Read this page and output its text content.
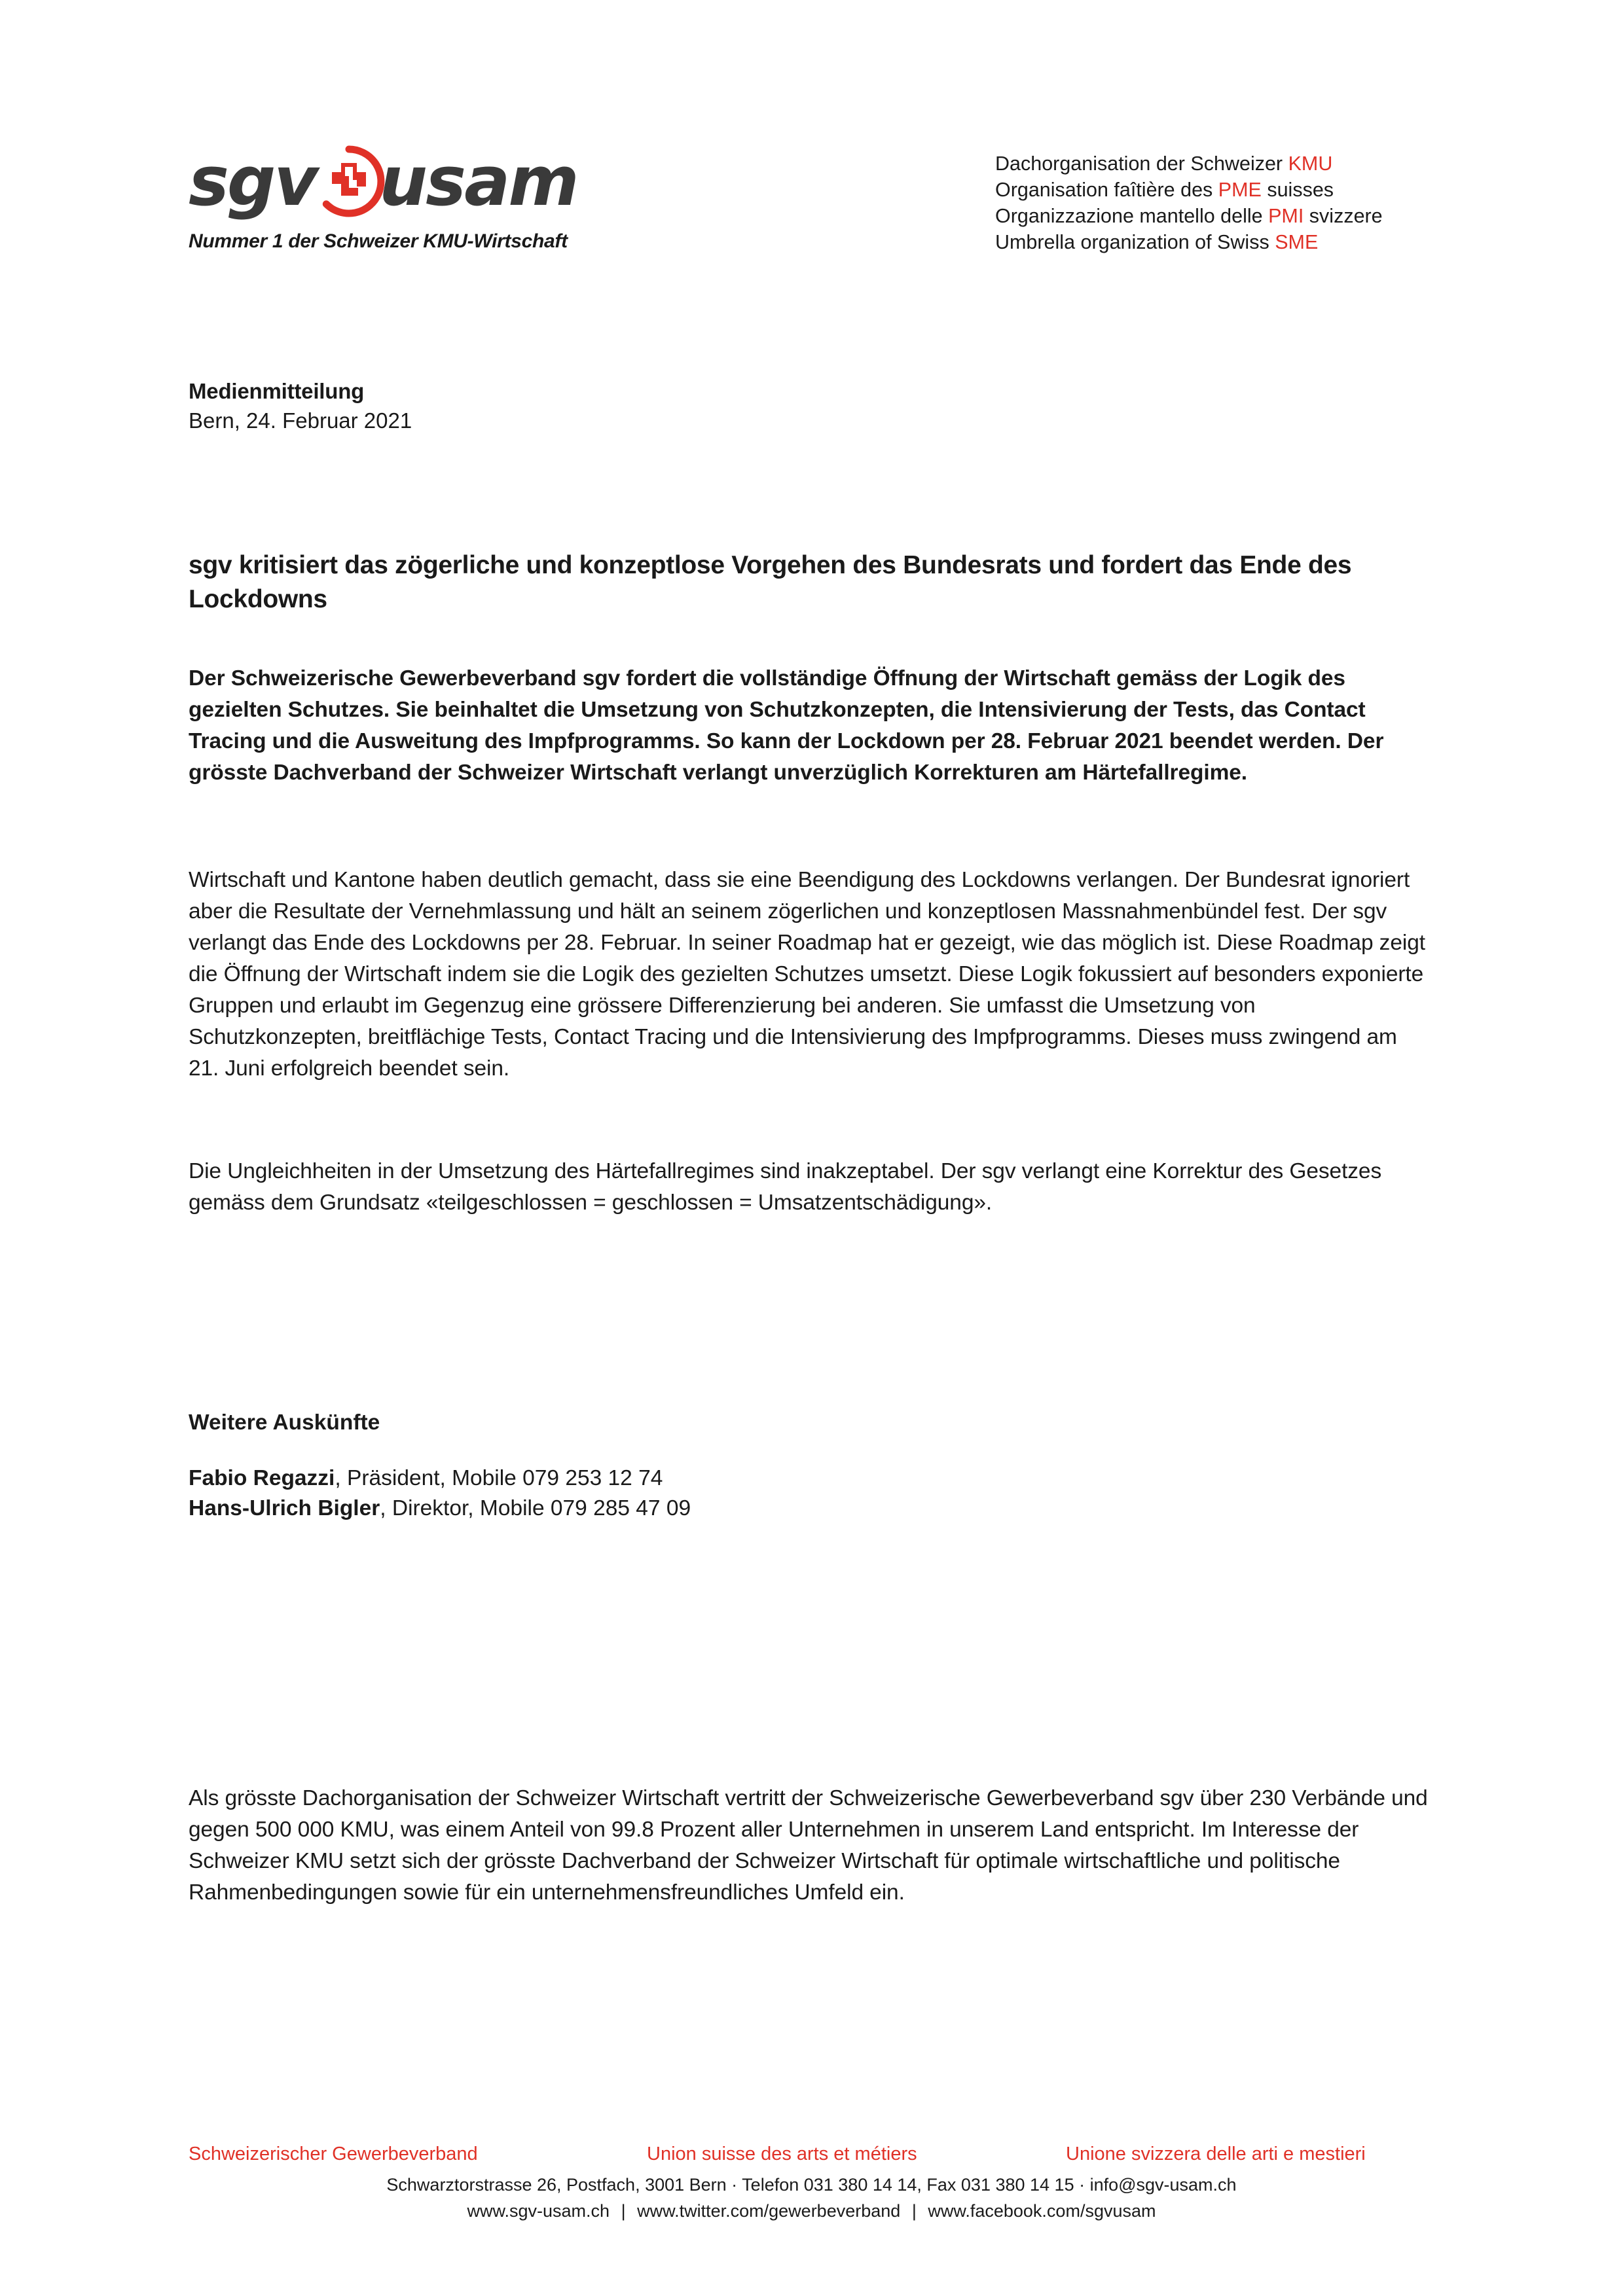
sgv usam
Nummer 1 der Schweizer KMU-Wirtschaft
Dachorganisation der Schweizer KMU
Organisation faîtière des PME suisses
Organizzazione mantello delle PMI svizzere
Umbrella organization of Swiss SME
Medienmitteilung
Bern, 24. Februar 2021
sgv kritisiert das zögerliche und konzeptlose Vorgehen des Bundesrats und fordert das Ende des Lockdowns

Der Schweizerische Gewerbeverband sgv fordert die vollständige Öffnung der Wirtschaft gemäss der Logik des gezielten Schutzes. Sie beinhaltet die Umsetzung von Schutzkonzepten, die Intensivierung der Tests, das Contact Tracing und die Ausweitung des Impfprogramms. So kann der Lockdown per 28. Februar 2021 beendet werden. Der grösste Dachverband der Schweizer Wirtschaft verlangt unverzüglich Korrekturen am Härtefallregime.

Wirtschaft und Kantone haben deutlich gemacht, dass sie eine Beendigung des Lockdowns verlangen. Der Bundesrat ignoriert aber die Resultate der Vernehmlassung und hält an seinem zögerlichen und konzeptlosen Massnahmenbündel fest. Der sgv verlangt das Ende des Lockdowns per 28. Februar. In seiner Roadmap hat er gezeigt, wie das möglich ist. Diese Roadmap zeigt die Öffnung der Wirtschaft indem sie die Logik des gezielten Schutzes umsetzt. Diese Logik fokussiert auf besonders exponierte Gruppen und erlaubt im Gegenzug eine grössere Differenzierung bei anderen. Sie umfasst die Umsetzung von Schutzkonzepten, breitflächige Tests, Contact Tracing und die Intensivierung des Impfprogramms. Dieses muss zwingend am 21. Juni erfolgreich beendet sein.

Die Ungleichheiten in der Umsetzung des Härtefallregimes sind inakzeptabel. Der sgv verlangt eine Korrektur des Gesetzes gemäss dem Grundsatz «teilgeschlossen = geschlossen = Umsatzentschädigung».

Weitere Auskünfte
Fabio Regazzi, Präsident, Mobile 079 253 12 74
Hans-Ulrich Bigler, Direktor, Mobile 079 285 47 09

Als grösste Dachorganisation der Schweizer Wirtschaft vertritt der Schweizerische Gewerbeverband sgv über 230 Verbände und gegen 500 000 KMU, was einem Anteil von 99.8 Prozent aller Unternehmen in unserem Land entspricht. Im Interesse der Schweizer KMU setzt sich der grösste Dachverband der Schweizer Wirtschaft für optimale wirtschaftliche und politische Rahmenbedingungen sowie für ein unternehmensfreundliches Umfeld ein.

Schweizerischer Gewerbeverband	Union suisse des arts et métiers	Unione svizzera delle arti e mestieri
Schwarztorstrasse 26, Postfach, 3001 Bern · Telefon 031 380 14 14, Fax 031 380 14 15 · info@sgv-usam.ch
www.sgv-usam.ch | www.twitter.com/gewerbeverband | www.facebook.com/sgvusam
